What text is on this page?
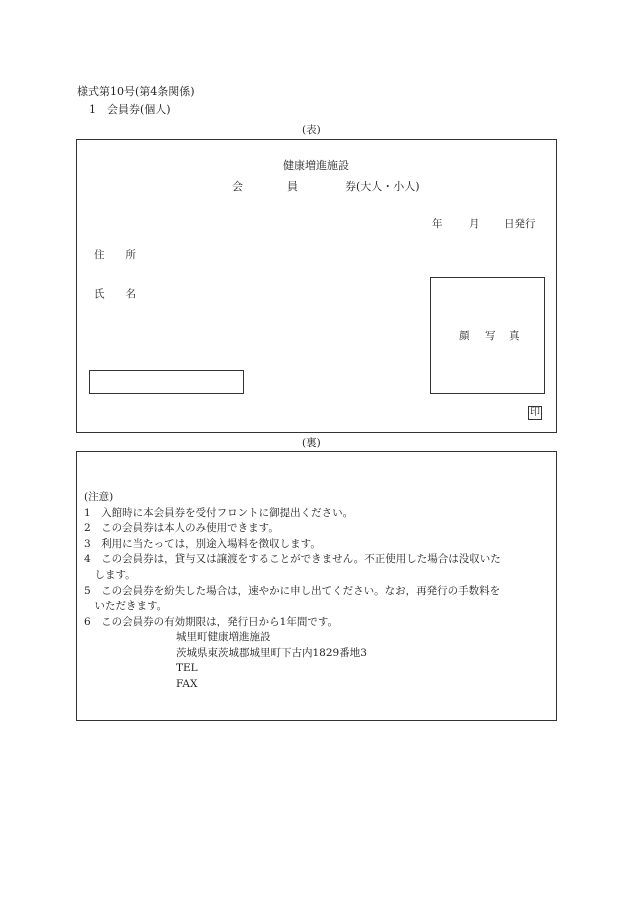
様式第10号(第4条関係)
1　会員券(個人)
(表)
健康増進施設
会	員	券(大人・小人)
年	月 日発行
住　　所
氏　　名
顔 写 真
印
(裏)
(注意)
1　入館時に本会員券を受付フロントに御提出ください。
2　この会員券は本人のみ使用できます。
3　利用に当たっては，別途入場料を徴収します。
4　この会員券は，貸与又は譲渡をすることができません。不正使用した場合は没収いた
　します。
5　この会員券を紛失した場合は，速やかに申し出てください。なお，再発行の手数料を
　いただきます。
6　この会員券の有効期限は，発行日から1年間です。
城里町健康増進施設
茨城県東茨城郡城里町下古内1829番地3
TEL
FAX
